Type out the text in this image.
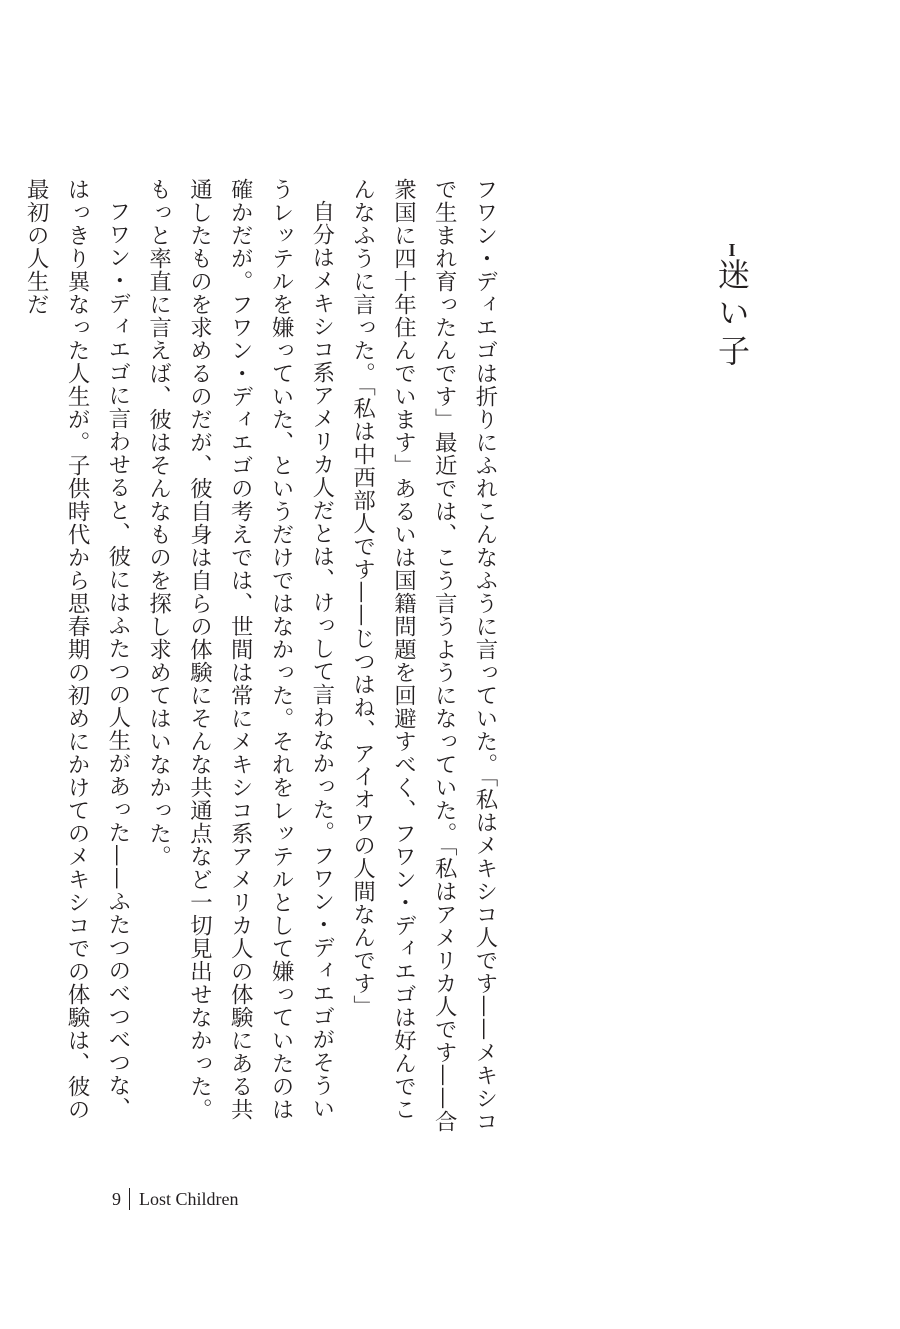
I
迷い子

フワン・ディエゴは折りにふれこんなふうに言っていた。「私はメキシコ人です——メキシコで生まれ育ったんです」最近では、こう言うようになっていた。「私はアメリカ人です——合衆国に四十年住んでいます」あるいは国籍問題を回避すべく、フワン・ディエゴは好んでこんなふうに言った。「私は中西部人です——じつはね、アイオワの人間なんです」

自分はメキシコ系アメリカ人だとは、けっして言わなかった。フワン・ディエゴがそういうレッテルを嫌っていた、というだけではなかった。それをレッテルとして嫌っていたのは確かだが。フワン・ディエゴの考えでは、世間は常にメキシコ系アメリカ人の体験にある共通したものを求めるのだが、彼自身は自らの体験にそんな共通点など一切見出せなかった。もっと率直に言えば、彼はそんなものを探し求めてはいなかった。

フワン・ディエゴに言わせると、彼にはふたつの人生があった——ふたつのべつべつな、はっきり異なった人生が。子供時代から思春期の初めにかけてのメキシコでの体験は、彼の最初の人生だ

9 Lost Children
